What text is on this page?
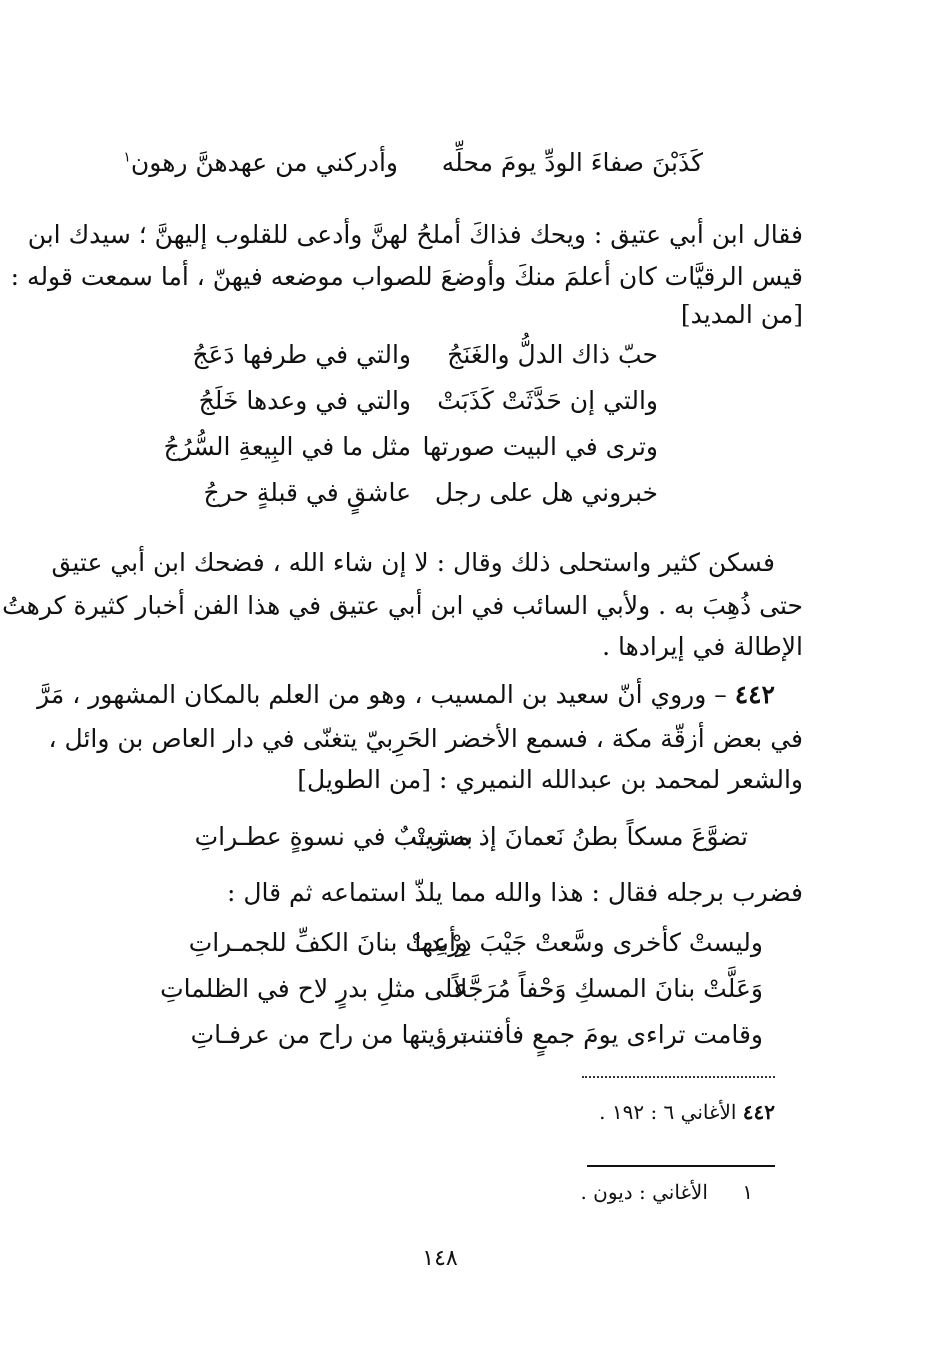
كَذَبْنَ صفاءَ الودِّ يومَ محلِّه
وأدركني من عهدهنَّ رهون$^١$
فقال ابن أبي عتيق : ويحك فذاكَ أملحُ لهنَّ وأدعى للقلوب إليهنَّ ؛ سيدك ابن
قيس الرقيَّات كان أعلمَ منكَ وأوضعَ للصواب موضعه فيهنّ ، أما سمعت قوله :
[من المديد]
حبّ ذاك الدلُّ والغَنَجُ
والتي في طرفها دَعَجُ
والتي إن حَدَّثَتْ كَذَبَتْ
والتي في وعدها خَلَجُ
وترى في البيت صورتها
مثل ما في البِيعةِ السُّرُجُ
خبروني هل على رجل
عاشقٍ في قبلةٍ حرجُ
فسكن كثير واستحلى ذلك وقال : لا إن شاء الله ، فضحك ابن أبي عتيق
حتى ذُهِبَ به . ولأبي السائب في ابن أبي عتيق في هذا الفن أخبار كثيرة كرهتُ
الإطالة في إيرادها .
٤٤٢ – وروي أنّ سعيد بن المسيب ، وهو من العلم بالمكان المشهور ، مَرَّ
في بعض أزقّة مكة ، فسمع الأخضر الحَرِبيّ يتغنّى في دار العاص بن وائل ،
والشعر لمحمد بن عبدالله النميري : [من الطويل]
تضوَّعَ مسكاً بطنُ نَعمانَ إذ مشتْ
به زينبٌ في نسوةٍ عطـراتِ
فضرب برجله فقال : هذا والله مما يلذّ استماعه ثم قال :
وليستْ كأخرى وسَّعتْ جَيْبَ دِرْعِها
وأبدتْ بنانَ الكفِّ للجمـراتِ
وَعَلَّتْ بنانَ المسكِ وَحْفاً مُرَجَّلاً
على مثلِ بدرٍ لاح في الظلماتِ
وقامت تراءى يومَ جمعٍ فأفتنت
برؤيتها من راح من عرفـاتِ
٤٤٢ الأغاني ٦ : ١٩٢ .
١ الأغاني : ديون .
١٤٨
